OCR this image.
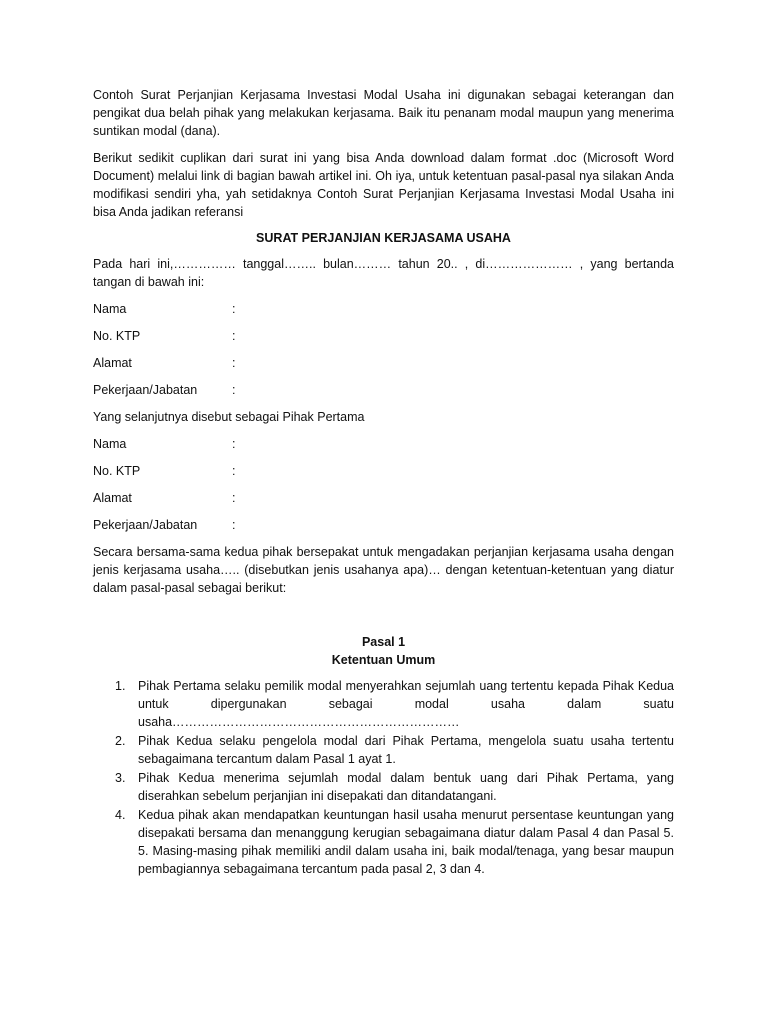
Contoh Surat Perjanjian Kerjasama Investasi Modal Usaha ini digunakan sebagai keterangan dan pengikat dua belah pihak yang melakukan kerjasama. Baik itu penanam modal maupun yang menerima suntikan modal (dana).

Berikut sedikit cuplikan dari surat ini yang bisa Anda download dalam format .doc (Microsoft Word Document) melalui link di bagian bawah artikel ini. Oh iya, untuk ketentuan pasal-pasal nya silakan Anda modifikasi sendiri yha, yah setidaknya Contoh Surat Perjanjian Kerjasama Investasi Modal Usaha ini bisa Anda jadikan referansi

SURAT PERJANJIAN KERJASAMA USAHA

Pada hari ini,…………… tanggal…….. bulan……… tahun 20.. , di………………… , yang bertanda tangan di bawah ini:

Nama	:
No. KTP	:
Alamat	:
Pekerjaan/Jabatan	:

Yang selanjutnya disebut sebagai Pihak Pertama

Nama	:
No. KTP	:
Alamat	:
Pekerjaan/Jabatan	:

Secara bersama-sama kedua pihak bersepakat untuk mengadakan perjanjian kerjasama usaha dengan jenis kerjasama usaha….. (disebutkan jenis usahanya apa)… dengan ketentuan-ketentuan yang diatur dalam pasal-pasal sebagai berikut:

Pasal 1

Ketentuan Umum

1.	Pihak Pertama selaku pemilik modal menyerahkan sejumlah uang tertentu kepada Pihak Kedua untuk dipergunakan sebagai modal usaha dalam suatu usaha……………………………………………………………
2.	Pihak Kedua selaku pengelola modal dari Pihak Pertama, mengelola suatu usaha tertentu sebagaimana tercantum dalam Pasal 1 ayat 1.
3.	Pihak Kedua menerima sejumlah modal dalam bentuk uang dari Pihak Pertama, yang diserahkan sebelum perjanjian ini disepakati dan ditandatangani.
4.	Kedua pihak akan mendapatkan keuntungan hasil usaha menurut persentase keuntungan yang disepakati bersama dan menanggung kerugian sebagaimana diatur dalam Pasal 4 dan Pasal 5. 5. Masing-masing pihak memiliki andil dalam usaha ini, baik modal/tenaga, yang besar maupun pembagiannya sebagaimana tercantum pada pasal 2, 3 dan 4.
